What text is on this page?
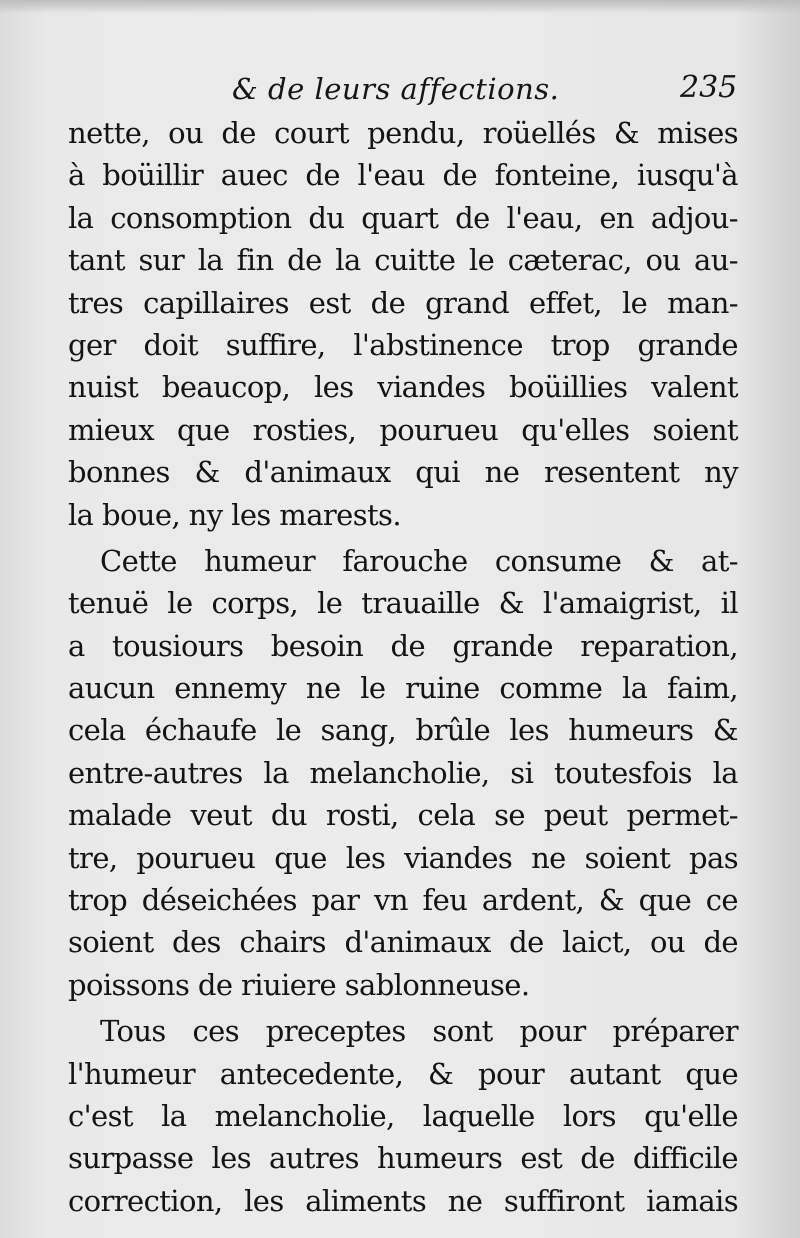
& de leurs affections.	235
nette, ou de court pendu, roüellés & mises
à boüillir auec de l'eau de fonteine, iusqu'à
la consomption du quart de l'eau, en adjou-
tant sur la fin de la cuitte le cæterac, ou au-
tres capillaires est de grand effet, le man-
ger doit suffire, l'abstinence trop grande
nuist beaucop, les viandes boüillies valent
mieux que rosties, pourueu qu'elles soient
bonnes & d'animaux qui ne resentent ny
la boue, ny les marests.
Cette humeur farouche consume & at-
tenuë le corps, le trauaille & l'amaigrist, il
a tousiours besoin de grande reparation,
aucun ennemy ne le ruine comme la faim,
cela échaufe le sang, brûle les humeurs &
entre-autres la melancholie, si toutesfois la
malade veut du rosti, cela se peut permet-
tre, pourueu que les viandes ne soient pas
trop déseichées par vn feu ardent, & que ce
soient des chairs d'animaux de laict, ou de
poissons de riuiere sablonneuse.
Tous ces preceptes sont pour préparer
l'humeur antecedente, & pour autant que
c'est la melancholie, laquelle lors qu'elle
surpasse les autres humeurs est de difficile
correction, les aliments ne suffiront iamais
